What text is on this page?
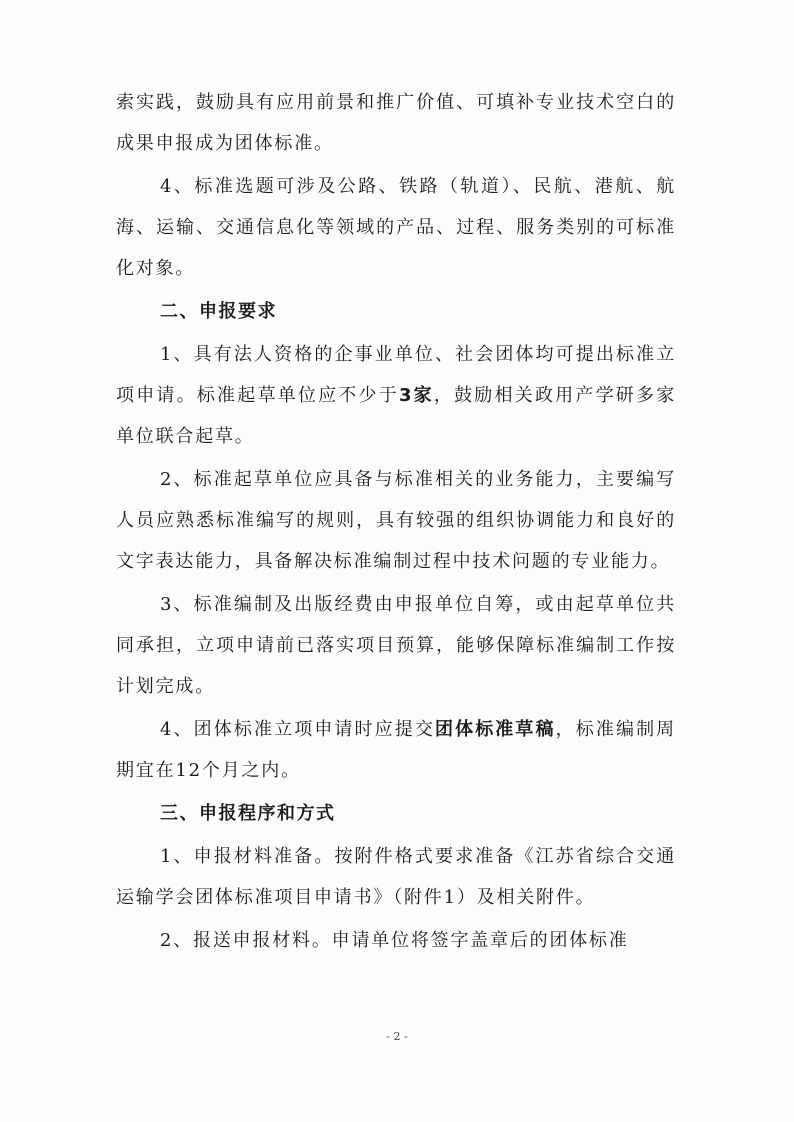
索实践，鼓励具有应用前景和推广价值、可填补专业技术空白的成果申报成为团体标准。

4、标准选题可涉及公路、铁路（轨道）、民航、港航、航海、运输、交通信息化等领域的产品、过程、服务类别的可标准化对象。

二、申报要求

1、具有法人资格的企事业单位、社会团体均可提出标准立项申请。标准起草单位应不少于3家，鼓励相关政用产学研多家单位联合起草。

2、标准起草单位应具备与标准相关的业务能力，主要编写人员应熟悉标准编写的规则，具有较强的组织协调能力和良好的文字表达能力，具备解决标准编制过程中技术问题的专业能力。

3、标准编制及出版经费由申报单位自筹，或由起草单位共同承担，立项申请前已落实项目预算，能够保障标准编制工作按计划完成。

4、团体标准立项申请时应提交团体标准草稿，标准编制周期宜在12个月之内。

三、申报程序和方式

1、申报材料准备。按附件格式要求准备《江苏省综合交通运输学会团体标准项目申请书》（附件1）及相关附件。

2、报送申报材料。申请单位将签字盖章后的团体标准

- 2 -
